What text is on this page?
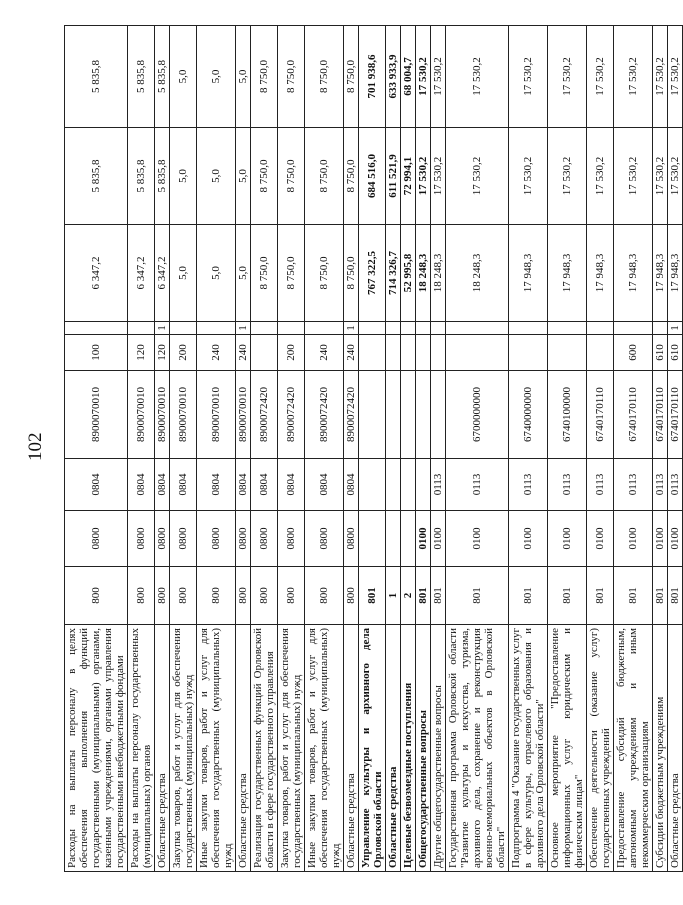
102
Расходы на выплаты персоналу в целях обеспечения выполнения функций государственными (муниципальными) органами, казенными учреждениями, органами управления государственными внебюджетными фондами	800	0800	0804	8900070010	100		6 347,2	5 835,8	5 835,8
Расходы на выплаты персоналу государственных (муниципальных) органов	800	0800	0804	8900070010	120		6 347,2	5 835,8	5 835,8
Областные средства	800	0800	0804	8900070010	120	1	6 347,2	5 835,8	5 835,8
Закупка товаров, работ и услуг для обеспечения государственных (муниципальных) нужд	800	0800	0804	8900070010	200		5,0	5,0	5,0
Иные закупки товаров, работ и услуг для обеспечения государственных (муниципальных) нужд	800	0800	0804	8900070010	240		5,0	5,0	5,0
Областные средства	800	0800	0804	8900070010	240	1	5,0	5,0	5,0
Реализация государственных функций Орловской области в сфере государственного управления	800	0800	0804	8900072420			8 750,0	8 750,0	8 750,0
Закупка товаров, работ и услуг для обеспечения государственных (муниципальных) нужд	800	0800	0804	8900072420	200		8 750,0	8 750,0	8 750,0
Иные закупки товаров, работ и услуг для обеспечения государственных (муниципальных) нужд	800	0800	0804	8900072420	240		8 750,0	8 750,0	8 750,0
Областные средства	800	0800	0804	8900072420	240	1	8 750,0	8 750,0	8 750,0
Управление культуры и архивного дела Орловской области	801						767 322,5	684 516,0	701 938,6
Областные средства	1						714 326,7	611 521,9	633 933,9
Целевые безвозмездные поступления	2						52 995,8	72 994,1	68 004,7
Общегосударственные вопросы	801	0100					18 248,3	17 530,2	17 530,2
Другие общегосударственные вопросы	801	0100	0113				18 248,3	17 530,2	17 530,2
Государственная программа Орловской области "Развитие культуры и искусства, туризма, архивного дела, сохранение и реконструкция военно-мемориальных объектов в Орловской области"	801	0100	0113	6700000000			18 248,3	17 530,2	17 530,2
Подпрограмма 4 "Оказание государственных услуг в сфере культуры, отраслевого образования и архивного дела Орловской области"	801	0100	0113	6740000000			17 948,3	17 530,2	17 530,2
Основное мероприятие "Предоставление информационных услуг юридическим и физическим лицам"	801	0100	0113	6740100000			17 948,3	17 530,2	17 530,2
Обеспечение деятельности (оказание услуг) государственных учреждений	801	0100	0113	6740170110			17 948,3	17 530,2	17 530,2
Предоставление субсидий бюджетным, автономным учреждениям и иным некоммерческим организациям	801	0100	0113	6740170110	600		17 948,3	17 530,2	17 530,2
Субсидии бюджетным учреждениям	801	0100	0113	6740170110	610		17 948,3	17 530,2	17 530,2
Областные средства	801	0100	0113	6740170110	610	1	17 948,3	17 530,2	17 530,2
